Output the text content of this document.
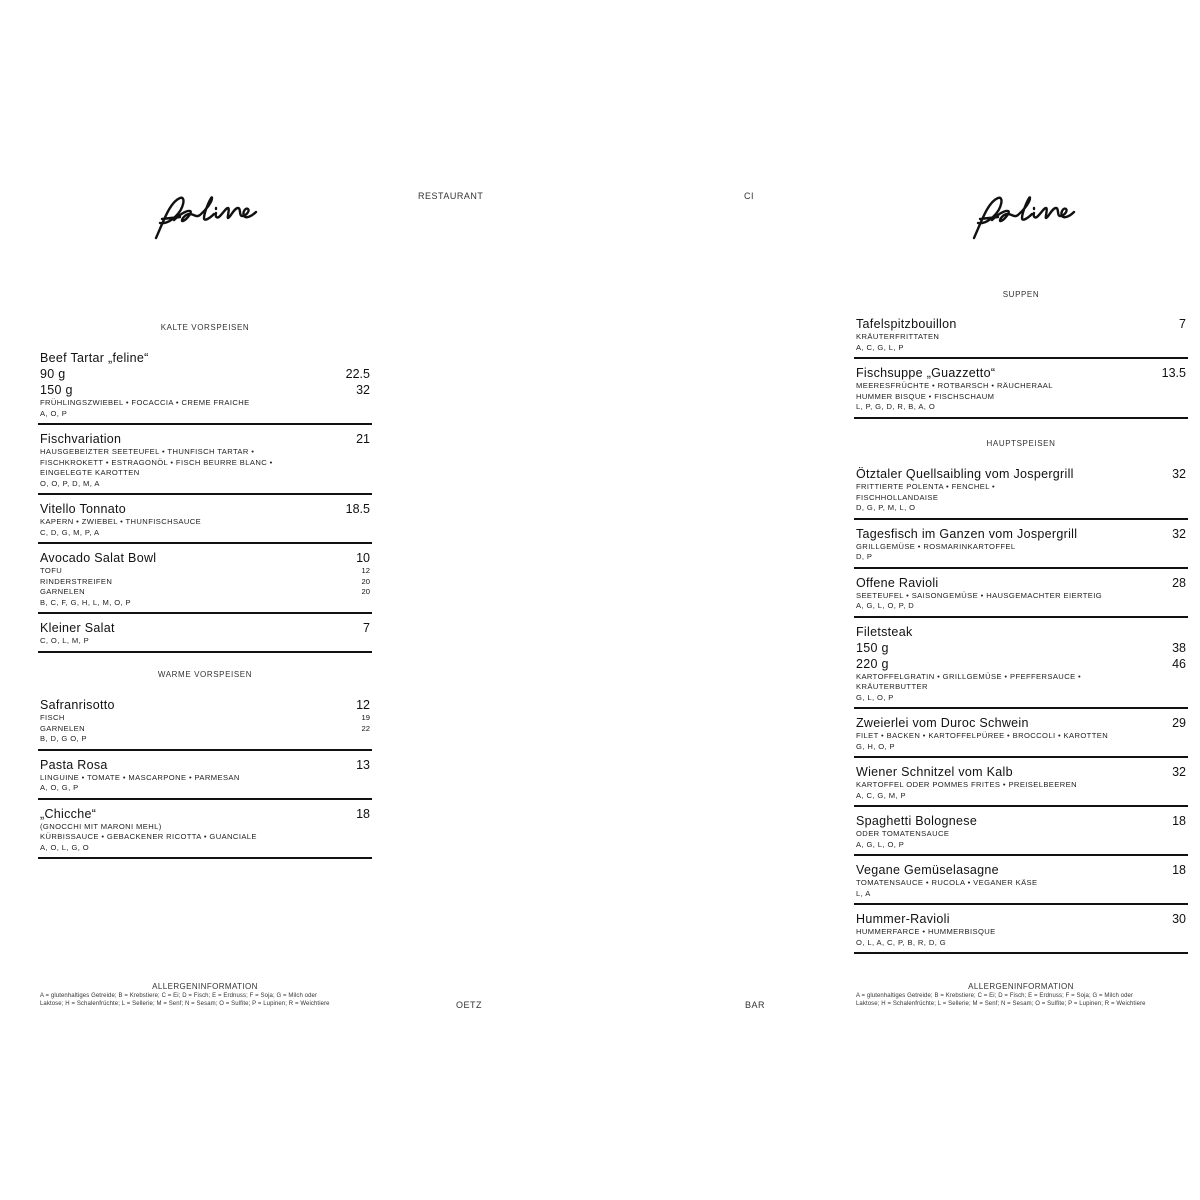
RESTAURANT
KALTE VORSPEISEN
Beef Tartar „feline“
90 g	22.5
150 g	32
FRÜHLINGSZWIEBEL • FOCACCIA • CREME FRAICHE
A, O, P
Fischvariation	21
HAUSGEBEIZTER SEETEUFEL • THUNFISCH TARTAR •
FISCHKROKETT • ESTRAGONÖL • FISCH BEURRE BLANC •
EINGELEGTE KAROTTEN
O, O, P, D, M, A
Vitello Tonnato	18.5
KAPERN • ZWIEBEL • THUNFISCHSAUCE
C, D, G, M, P, A
Avocado Salat Bowl	10
TOFU	12
RINDERSTREIFEN	20
GARNELEN	20
B, C, F, G, H, L, M, O, P
Kleiner Salat	7
C, O, L, M, P
WARME VORSPEISEN
Safranrisotto	12
FISCH	19
GARNELEN	22
B, D, G O, P
Pasta Rosa	13
LINGUINE • TOMATE • MASCARPONE • PARMESAN
A, O, G, P
„Chicche“	18
(GNOCCHI MIT MARONI MEHL)
KÜRBISSAUCE • GEBACKENER RICOTTA • GUANCIALE
A, O, L, G, O
ALLERGENINFORMATION
A = glutenhaltiges Getreide; B = Krebstiere; C = Ei; D = Fisch; E = Erdnuss; F = Soja; G = Milch oder
Laktose; H = Schalenfrüchte; L = Sellerie; M = Senf; N = Sesam; O = Sulfite; P = Lupinen; R = Weichtiere	OETZ
CI
SUPPEN
Tafelspitzbouillon	7
KRÄUTERFRITTATEN
A, C, G, L, P
Fischsuppe „Guazzetto“	13.5
MEERESFRÜCHTE • ROTBARSCH • RÄUCHERAAL
HUMMER BISQUE • FISCHSCHAUM
L, P, G, D, R, B, A, O
HAUPTSPEISEN
Ötztaler Quellsaibling vom Jospergrill	32
FRITTIERTE POLENTA • FENCHEL •
FISCHHOLLANDAISE
D, G, P, M, L, O
Tagesfisch im Ganzen vom Jospergrill	32
GRILLGEMÜSE • ROSMARINKARTOFFEL
D, P
Offene Ravioli	28
SEETEUFEL • SAISONGEMÜSE • HAUSGEMACHTER EIERTEIG
A, G, L, O, P, D
Filetsteak
150 g	38
220 g	46
KARTOFFELGRATIN • GRILLGEMÜSE • PFEFFERSAUCE •
KRÄUTERBUTTER
G, L, O, P
Zweierlei vom Duroc Schwein	29
FILET • BACKEN • KARTOFFELPÜREE • BROCCOLI • KAROTTEN
G, H, O, P
Wiener Schnitzel vom Kalb	32
KARTOFFEL ODER POMMES FRITES • PREISELBEEREN
A, C, G, M, P
Spaghetti Bolognese	18
ODER TOMATENSAUCE
A, G, L, O, P
Vegane Gemüselasagne	18
TOMATENSAUCE • RUCOLA • VEGANER KÄSE
L, A
Hummer-Ravioli	30
HUMMERFARCE • HUMMERBISQUE
O, L, A, C, P, B, R, D, G
ALLERGENINFORMATION
A = glutenhaltiges Getreide; B = Krebstiere; C = Ei; D = Fisch; E = Erdnuss; F = Soja; G = Milch oder
Laktose; H = Schalenfrüchte; L = Sellerie; M = Senf; N = Sesam; O = Sulfite; P = Lupinen; R = Weichtiere
BAR
